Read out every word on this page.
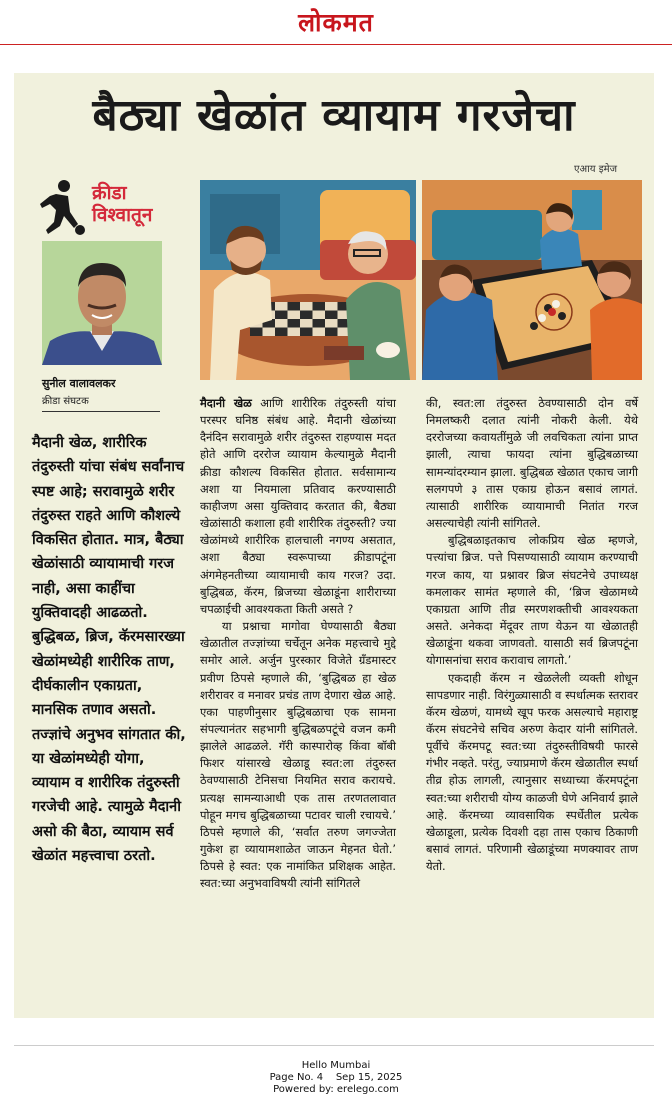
लोकमत
बैठ्या खेळांत व्यायाम गरजेचा
एआय इमेज
क्रीडा
विश्वातून
सुनील वालावलकर
क्रीडा संघटक
मैदानी खेळ, शारीरिक तंदुरुस्ती यांचा संबंध सर्वांनाच स्पष्ट आहे; सरावामुळे शरीर तंदुरुस्त राहते आणि कौशल्ये विकसित होतात. मात्र, बैठ्या खेळांसाठी व्यायामाची गरज नाही, असा काहींचा युक्तिवादही आढळतो. बुद्धिबळ, ब्रिज, कॅरमसारख्या खेळांमध्येही शारीरिक ताण, दीर्घकालीन एकाग्रता, मानसिक तणाव असतो. तज्ज्ञांचे अनुभव सांगतात की, या खेळांमध्येही योगा, व्यायाम व शारीरिक तंदुरुस्ती गरजेची आहे. त्यामुळे मैदानी असो की बैठा, व्यायाम सर्व खेळांत महत्त्वाचा ठरतो.

मैदानी खेळ आणि शारीरिक तंदुरुस्ती यांचा परस्पर घनिष्ठ संबंध आहे. मैदानी खेळांच्या दैनंदिन सरावामुळे शरीर तंदुरुस्त राहण्यास मदत होते आणि दररोज व्यायाम केल्यामुळे मैदानी क्रीडा कौशल्य विकसित होतात. सर्वसामान्य अशा या नियमाला प्रतिवाद करण्यासाठी काहीजण असा युक्तिवाद करतात की, बैठ्या खेळांसाठी कशाला हवी शारीरिक तंदुरुस्ती? ज्या खेळांमध्ये शारीरिक हालचाली नगण्य असतात, अशा बैठ्या स्वरूपाच्या क्रीडापटूंना अंगमेहनतीच्या व्यायामाची काय गरज? उदा. बुद्धिबळ, कॅरम, ब्रिजच्या खेळाडूंना शारीराच्या चपळाईची आवश्यकता किती असते ?

या प्रश्नाचा मागोवा घेण्यासाठी बैठ्या खेळातील तज्ज्ञांच्या चर्चेतून अनेक महत्त्वाचे मुद्दे समोर आले. अर्जुन पुरस्कार विजेते ग्रँडमास्टर प्रवीण ठिपसे म्हणाले की, ‘बुद्धिबळ हा खेळ शरीरावर व मनावर प्रचंड ताण देणारा खेळ आहे. एका पाहणीनुसार बुद्धिबळाचा एक सामना संपल्यानंतर सहभागी बुद्धिबळपटूंचे वजन कमी झालेले आढळले. गॅरी कास्पारोव्ह किंवा बॉबी फिशर यांसारखे खेळाडू स्वत:ला तंदुरुस्त ठेवण्यासाठी टेनिसचा नियमित सराव करायचे. प्रत्यक्ष सामन्याआधी एक तास तरणतलावात पोहून मगच बुद्धिबळाच्या पटावर चाली रचायचे.’ ठिपसे म्हणाले की, ‘सर्वात तरुण जगज्जेता गुकेश हा व्यायामशाळेत जाऊन मेहनत घेतो.’ ठिपसे हे स्वत: एक नामांकित प्रशिक्षक आहेत. स्वत:च्या अनुभवाविषयी त्यांनी सांगितले

की, स्वत:ला तंदुरुस्त ठेवण्यासाठी दोन वर्षे निमलष्करी दलात त्यांनी नोकरी केली. येथे दररोजच्या कवायतींमुळे जी लवचिकता त्यांना प्राप्त झाली, त्याचा फायदा त्यांना बुद्धिबळाच्या सामन्यांदरम्यान झाला. बुद्धिबळ खेळात एकाच जागी सलगपणे ३ तास एकाग्र होऊन बसावं लागतं. त्यासाठी शारीरिक व्यायामाची नितांत गरज असल्याचेही त्यांनी सांगितले.

बुद्धिबळाइतकाच लोकप्रिय खेळ म्हणजे, पत्त्यांचा ब्रिज. पत्ते पिसण्यासाठी व्यायाम करण्याची गरज काय, या प्रश्नावर ब्रिज संघटनेचे उपाध्यक्ष कमलाकर सामंत म्हणाले की, ‘ब्रिज खेळामध्ये एकाग्रता आणि तीव्र स्मरणशक्तीची आवश्यकता असते. अनेकदा मेंदूवर ताण येऊन या खेळातही खेळाडूंना थकवा जाणवतो. यासाठी सर्व ब्रिजपटूंना योगासनांचा सराव करावाच लागतो.’

एकदाही कॅरम न खेळलेली व्यक्ती शोधून सापडणार नाही. विरंगुळ्यासाठी व स्पर्धात्मक स्तरावर कॅरम खेळणं, यामध्ये खूप फरक असल्याचे महाराष्ट्र कॅरम संघटनेचे सचिव अरुण केदार यांनी सांगितले. पूर्वीचे कॅरमपटू स्वत:च्या तंदुरुस्तीविषयी फारसे गंभीर नव्हते. परंतु, ज्याप्रमाणे कॅरम खेळातील स्पर्धा तीव्र होऊ लागली, त्यानुसार सध्याच्या कॅरमपटूंना स्वत:च्या शरीराची योग्य काळजी घेणे अनिवार्य झाले आहे. कॅरमच्या व्यावसायिक स्पर्धेतील प्रत्येक खेळाडूला, प्रत्येक दिवशी दहा तास एकाच ठिकाणी बसावं लागतं. परिणामी खेळाडूंच्या मणक्यावर ताण येतो.

Hello Mumbai
Page No. 4    Sep 15, 2025
Powered by: erelego.com
